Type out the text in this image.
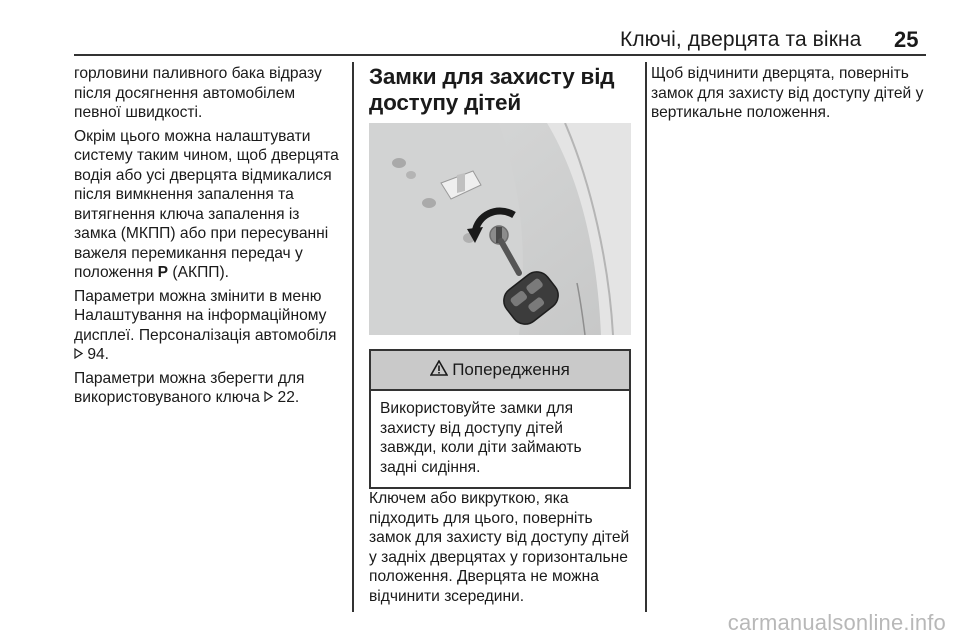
Ключі, дверцята та вікна 25

горловини паливного бака відразу після досягнення автомобілем певної швидкості.

Окрім цього можна налаштувати систему таким чином, щоб дверцята водія або усі дверцята відмикалися після вимкнення запалення та витягнення ключа запалення із замка (МКПП) або при пересуванні важеля перемикання передач у положення P (АКПП).

Параметри можна змінити в меню Налаштування на інформаційному дисплеї. Персоналізація автомобіля  94.

Параметри можна зберегти для використовуваного ключа  22.

Замки для захисту від доступу дітей
Попередження
Використовуйте замки для захисту від доступу дітей завжди, коли діти займають задні сидіння.

Ключем або викруткою, яка підходить для цього, поверніть замок для захисту від доступу дітей у задніх дверцятах у горизонтальне положення. Дверцята не можна відчинити зсередини.

Щоб відчинити дверцята, поверніть замок для захисту від доступу дітей у вертикальне положення.

carmanualsonline.info
